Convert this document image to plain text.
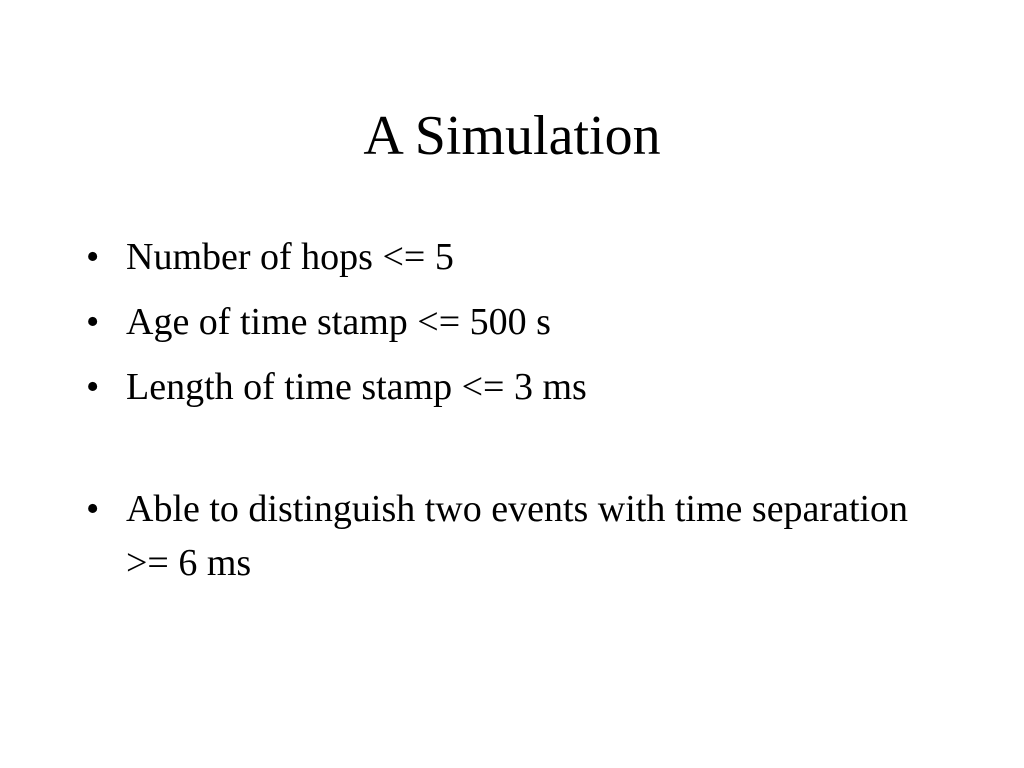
A Simulation
• Number of hops <= 5
• Age of time stamp <= 500 s
• Length of time stamp <= 3 ms
• Able to distinguish two events with time separation >= 6 ms
